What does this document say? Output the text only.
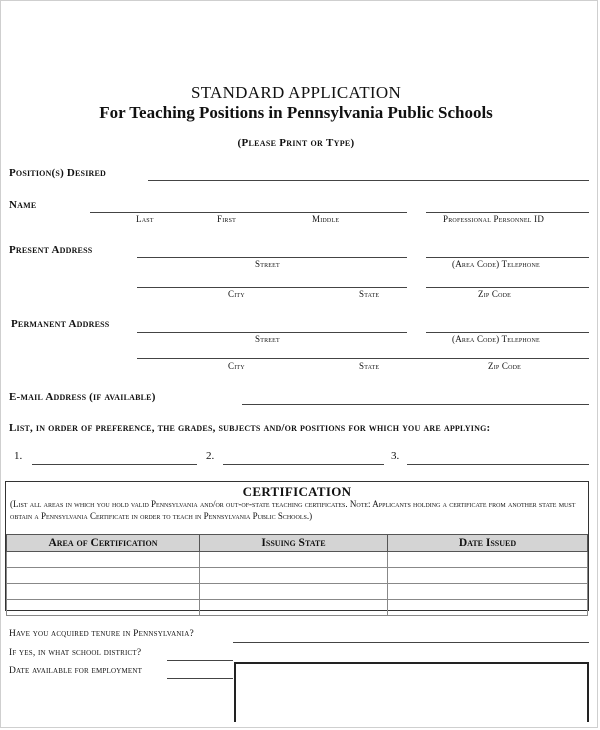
STANDARD APPLICATION
For Teaching Positions in Pennsylvania Public Schools
(Please Print or Type)
Position(s) Desired
Name
Last	First	Middle	Professional Personnel ID
Present Address
Street	(Area Code) Telephone
City	State	Zip Code
Permanent Address
Street	(Area Code) Telephone
City	State	Zip Code
E-mail Address (if available)
List, in order of preference, the grades, subjects and/or positions for which you are applying:
1.	2.	3.
CERTIFICATION
(List all areas in which you hold valid Pennsylvania and/or out-of-state teaching certificates. Note: Applicants holding a certificate from another state must obtain a Pennsylvania Certificate in order to teach in Pennsylvania Public Schools.)
Area of Certification	Issuing State	Date Issued

Have you acquired tenure in Pennsylvania?
If yes, in what school district?
Date available for employment
